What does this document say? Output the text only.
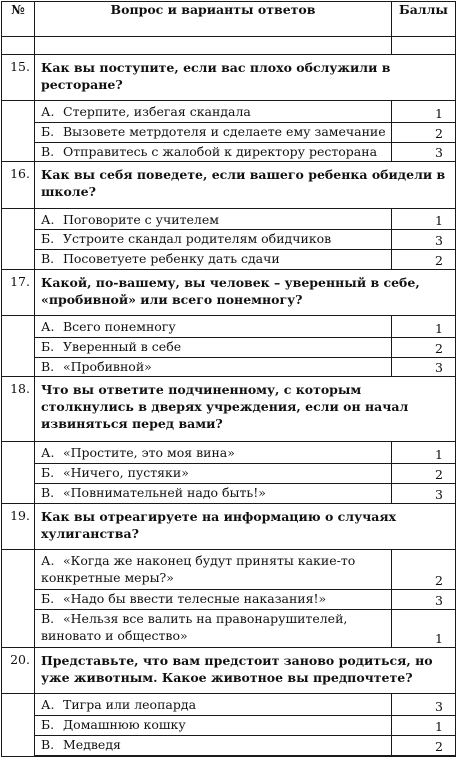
№	Вопрос и варианты ответов	Баллы

15.	Как вы поступите, если вас плохо обслужили в ресторане?	
	А. Стерпите, избегая скандала	1
	Б. Вызовете метрдотеля и сделаете ему замечание	2
	В. Отправитесь с жалобой к директору ресторана	3
16.	Как вы себя поведете, если вашего ребенка обидели в школе?	
	А. Поговорите с учителем	1
	Б. Устроите скандал родителям обидчиков	3
	В. Посоветуете ребенку дать сдачи	2
17.	Какой, по-вашему, вы человек – уверенный в себе, «пробивной» или всего понемногу?	
	А. Всего понемногу	1
	Б. Уверенный в себе	2
	В. «Пробивной»	3
18.	Что вы ответите подчиненному, с которым столкнулись в дверях учреждения, если он начал извиняться перед вами?	
	А. «Простите, это моя вина»	1
	Б. «Ничего, пустяки»	2
	В. «Повнимательней надо быть!»	3
19.	Как вы отреагируете на информацию о случаях хулиганства?	
	А. «Когда же наконец будут приняты какие-то конкретные меры?»	2
	Б. «Надо бы ввести телесные наказания!»	3
	В. «Нельзя все валить на правонарушителей, виновато и общество»	1
20.	Представьте, что вам предстоит заново родиться, но уже животным. Какое животное вы предпочтете?	
	А. Тигра или леопарда	3
	Б. Домашнюю кошку	1
	В. Медведя	2
